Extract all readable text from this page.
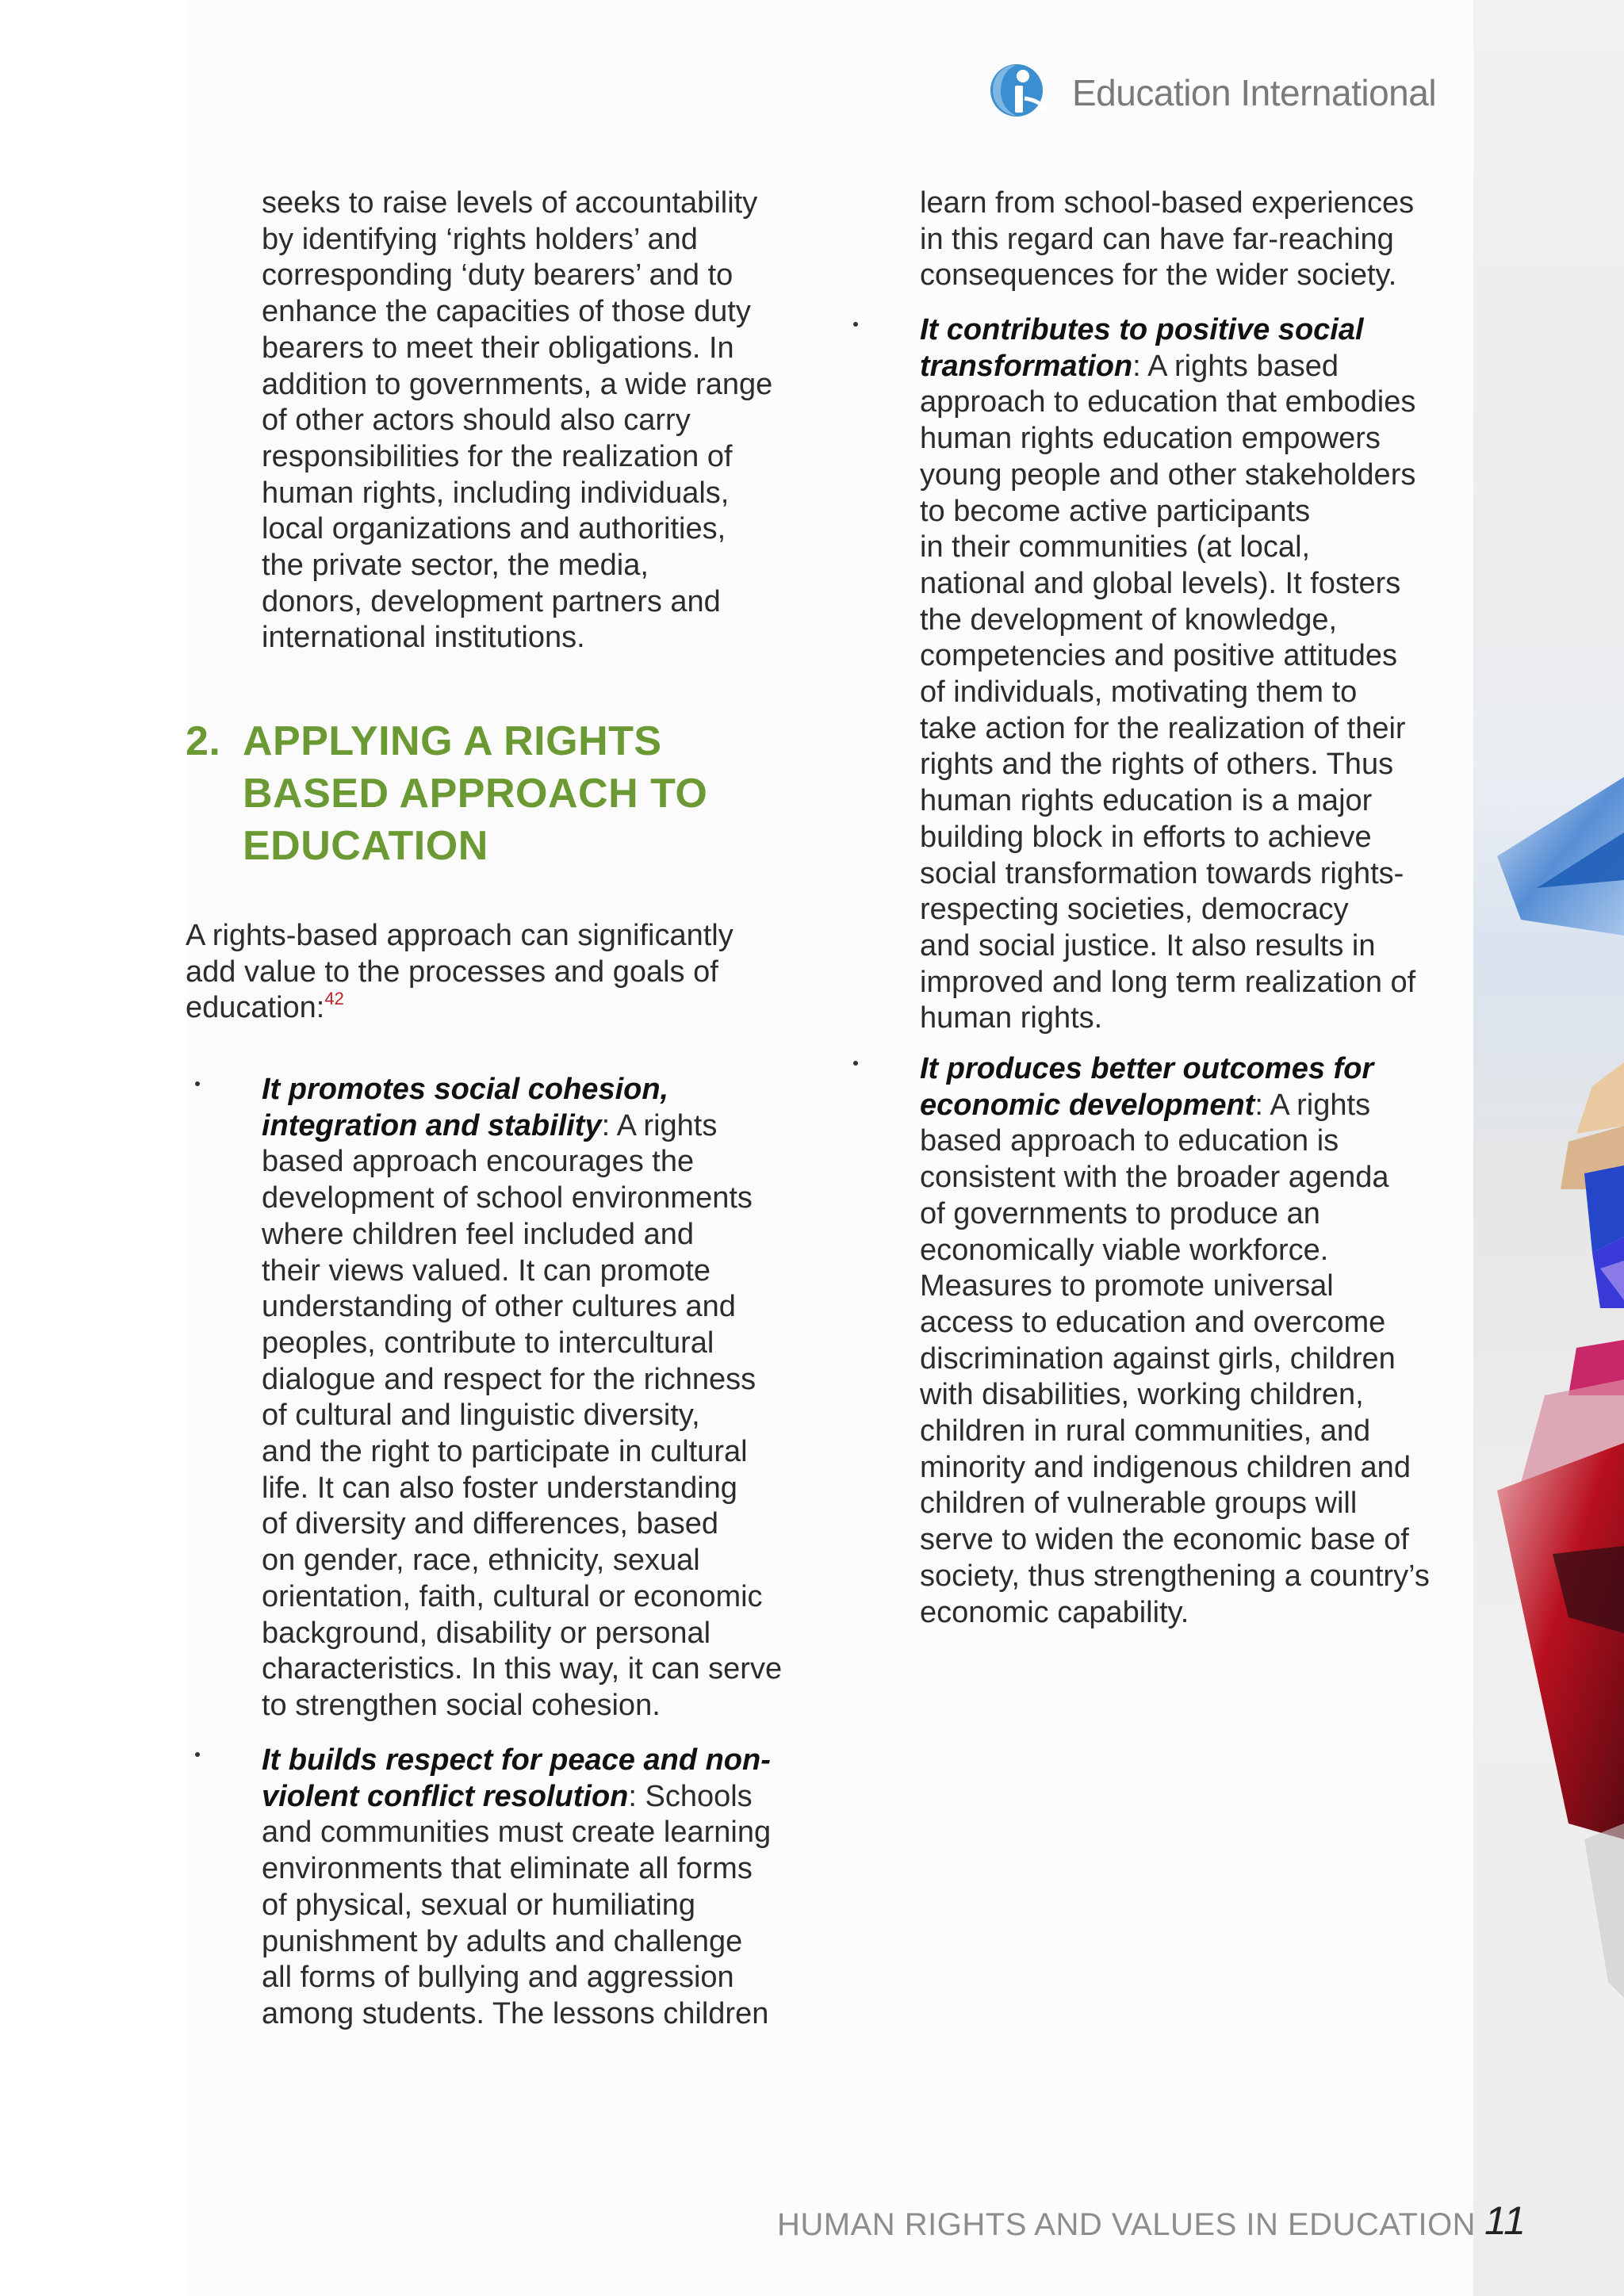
Education International

seeks to raise levels of accountability

by identifying ‘rights holders’ and

corresponding ‘duty bearers’ and to

enhance the capacities of those duty

bearers to meet their obligations. In

addition to governments, a wide range

of other actors should also carry

responsibilities for the realization of

human rights, including individuals,

local organizations and authorities,

the private sector, the media,

donors, development partners and

international institutions.

2. APPLYING A RIGHTS
BASED APPROACH TO
EDUCATION

A rights-based approach can significantly

add value to the processes and goals of

education:$^{42}$

It promotes social cohesion,

integration and stability: A rights

based approach encourages the

development of school environments

where children feel included and

their views valued. It can promote

understanding of other cultures and

peoples, contribute to intercultural

dialogue and respect for the richness

of cultural and linguistic diversity,

and the right to participate in cultural

life. It can also foster understanding

of diversity and differences, based

on gender, race, ethnicity, sexual

orientation, faith, cultural or economic

background, disability or personal

characteristics. In this way, it can serve

to strengthen social cohesion.

It builds respect for peace and non-

violent conflict resolution: Schools

and communities must create learning

environments that eliminate all forms

of physical, sexual or humiliating

punishment by adults and challenge

all forms of bullying and aggression

among students. The lessons children

learn from school-based experiences

in this regard can have far-reaching

consequences for the wider society.

It contributes to positive social

transformation: A rights based

approach to education that embodies

human rights education empowers

young people and other stakeholders

to become active participants

in their communities (at local,

national and global levels). It fosters

the development of knowledge,

competencies and positive attitudes

of individuals, motivating them to

take action for the realization of their

rights and the rights of others. Thus

human rights education is a major

building block in efforts to achieve

social transformation towards rights-

respecting societies, democracy

and social justice. It also results in

improved and long term realization of

human rights.

It produces better outcomes for

economic development: A rights

based approach to education is

consistent with the broader agenda

of governments to produce an

economically viable workforce.

Measures to promote universal

access to education and overcome

discrimination against girls, children

with disabilities, working children,

children in rural communities, and

minority and indigenous children and

children of vulnerable groups will

serve to widen the economic base of

society, thus strengthening a country’s

economic capability.

HUMAN RIGHTS AND VALUES IN EDUCATION 11
